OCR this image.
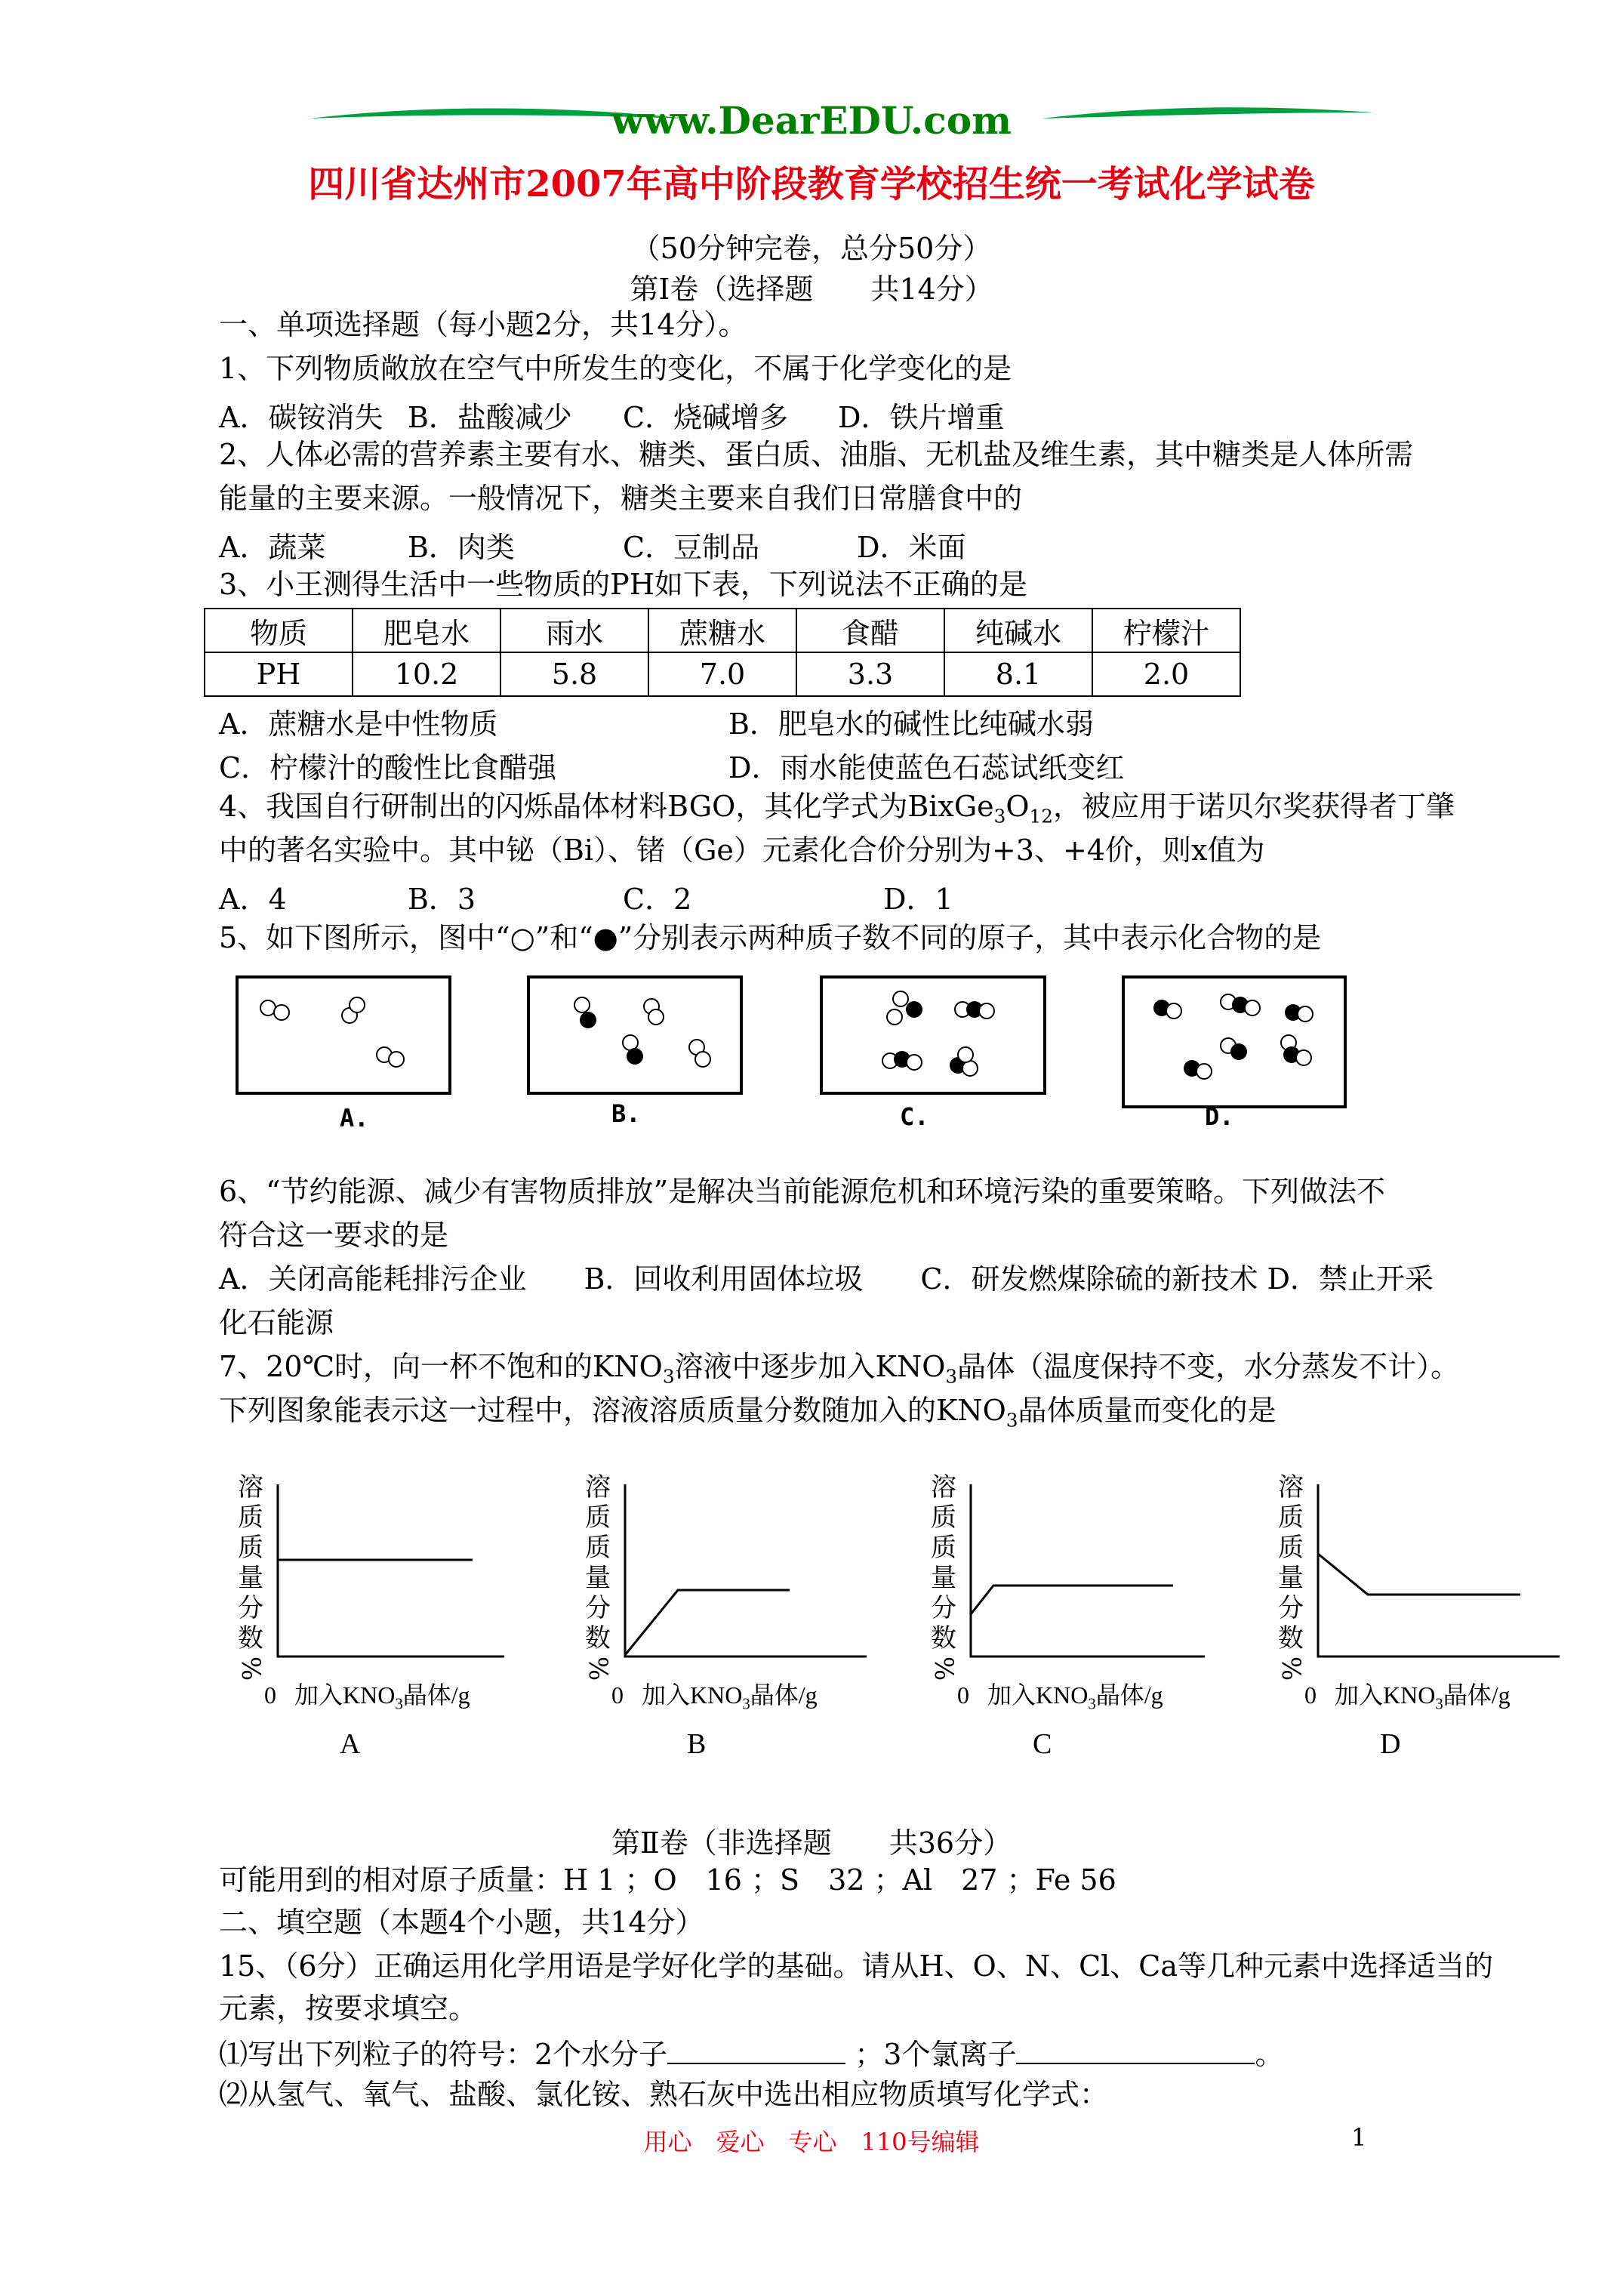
www.DearEDU.com
四川省达州市2007年高中阶段教育学校招生统一考试化学试卷
（50分钟完卷，总分50分）
第Ⅰ卷（选择题　　共14分）
一、单项选择题（每小题2分，共14分）。
1、下列物质敞放在空气中所发生的变化，不属于化学变化的是
A．碳铵消失 B．盐酸减少 C．烧碱增多 D．铁片增重
2、人体必需的营养素主要有水、糖类、蛋白质、油脂、无机盐及维生素，其中糖类是人体所需
能量的主要来源。一般情况下，糖类主要来自我们日常膳食中的
A．蔬菜	B．肉类	C．豆制品	D．米面
3、小王测得生活中一些物质的PH如下表，下列说法不正确的是
物质	肥皂水	雨水	蔗糖水	食醋	纯碱水	柠檬汁
PH	10.2	5.8	7.0	3.3	8.1	2.0
A．蔗糖水是中性物质	B．肥皂水的碱性比纯碱水弱
C．柠檬汁的酸性比食醋强	D．雨水能使蓝色石蕊试纸变红
4、我国自行研制出的闪烁晶体材料BGO，其化学式为$BixGe_3O_{12}$，被应用于诺贝尔奖获得者丁肇
中的著名实验中。其中铋（Bi）、锗（Ge）元素化合价分别为+3、+4价，则x值为
A．4	B．3	C．2	D．1
5、如下图所示，图中“○”和“●”分别表示两种质子数不同的原子，其中表示化合物的是
A.	B.	C.	D.
6、“节约能源、减少有害物质排放”是解决当前能源危机和环境污染的重要策略。下列做法不
符合这一要求的是
A．关闭高能耗排污企业　　B．回收利用固体垃圾　　C．研发燃煤除硫的新技术 D．禁止开采
化石能源
7、20℃时，向一杯不饱和的$KNO_3$溶液中逐步加入$KNO_3$晶体（温度保持不变，水分蒸发不计）。
下列图象能表示这一过程中，溶液溶质质量分数随加入的$KNO_3$晶体质量而变化的是
溶
质
质
量
分
数
%
0   加入$KNO_3$晶体/g
A
溶
质
质
量
分
数
%
0   加入$KNO_3$晶体/g
B
溶
质
质
量
分
数
%
0   加入$KNO_3$晶体/g
C
溶
质
质
量
分
数
%
0   加入$KNO_3$晶体/g
D
第Ⅱ卷（非选择题　　共36分）
可能用到的相对原子质量：H 1 ；O　16 ；S　32 ；Al　27 ；Fe 56
二、填空题（本题4个小题，共14分）
15、（6分）正确运用化学用语是学好化学的基础。请从H、O、N、Cl、Ca等几种元素中选择适当的
元素，按要求填空。
⑴写出下列粒子的符号：2个水分子	；3个氯离子	。
⑵从氢气、氧气、盐酸、氯化铵、熟石灰中选出相应物质填写化学式：
用心　爱心　专心　110号编辑	1
